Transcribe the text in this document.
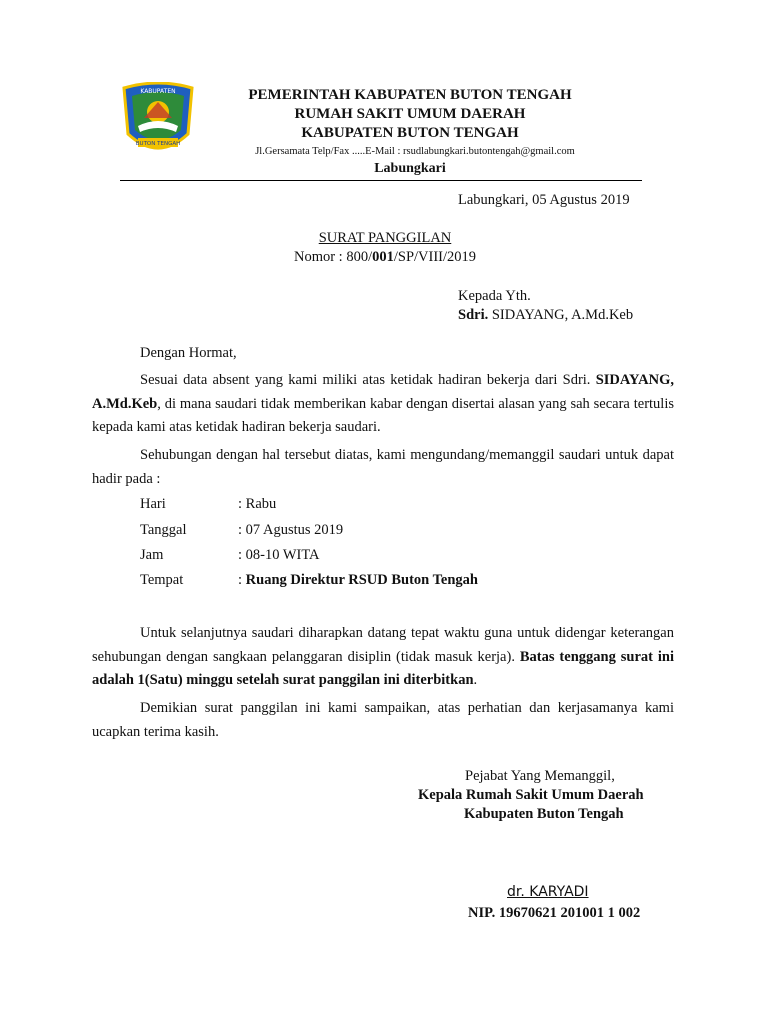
KABUPATEN
BUTON TENGAH
PEMERINTAH KABUPATEN BUTON TENGAH
RUMAH SAKIT UMUM DAERAH
KABUPATEN BUTON TENGAH
Jl.Gersamata Telp/Fax .....E-Mail : rsudlabungkari.butontengah@gmail.com
Labungkari
Labungkari, 05 Agustus 2019
SURAT PANGGILAN
Nomor : 800/001/SP/VIII/2019
Kepada Yth.
Sdri. SIDAYANG, A.Md.Keb
Dengan Hormat,
Sesuai data absent yang kami miliki atas ketidak hadiran bekerja dari Sdri. SIDAYANG, A.Md.Keb, di mana saudari tidak memberikan kabar dengan disertai alasan yang sah secara tertulis kepada kami atas ketidak hadiran bekerja saudari.
Sehubungan dengan hal tersebut diatas, kami mengundang/memanggil saudari untuk dapat hadir pada :
Hari	: Rabu
Tanggal	: 07 Agustus 2019
Jam	: 08-10 WITA
Tempat	: Ruang Direktur RSUD Buton Tengah
Untuk selanjutnya saudari diharapkan datang tepat waktu guna untuk didengar keterangan sehubungan dengan sangkaan pelanggaran disiplin (tidak masuk kerja). Batas tenggang surat ini adalah 1(Satu) minggu setelah surat panggilan ini diterbitkan.
Demikian surat panggilan ini kami sampaikan, atas perhatian dan kerjasamanya kami ucapkan terima kasih.
Pejabat Yang Memanggil,
Kepala Rumah Sakit Umum Daerah
Kabupaten Buton Tengah
dr. KARYADI
NIP. 19670621 201001 1 002
